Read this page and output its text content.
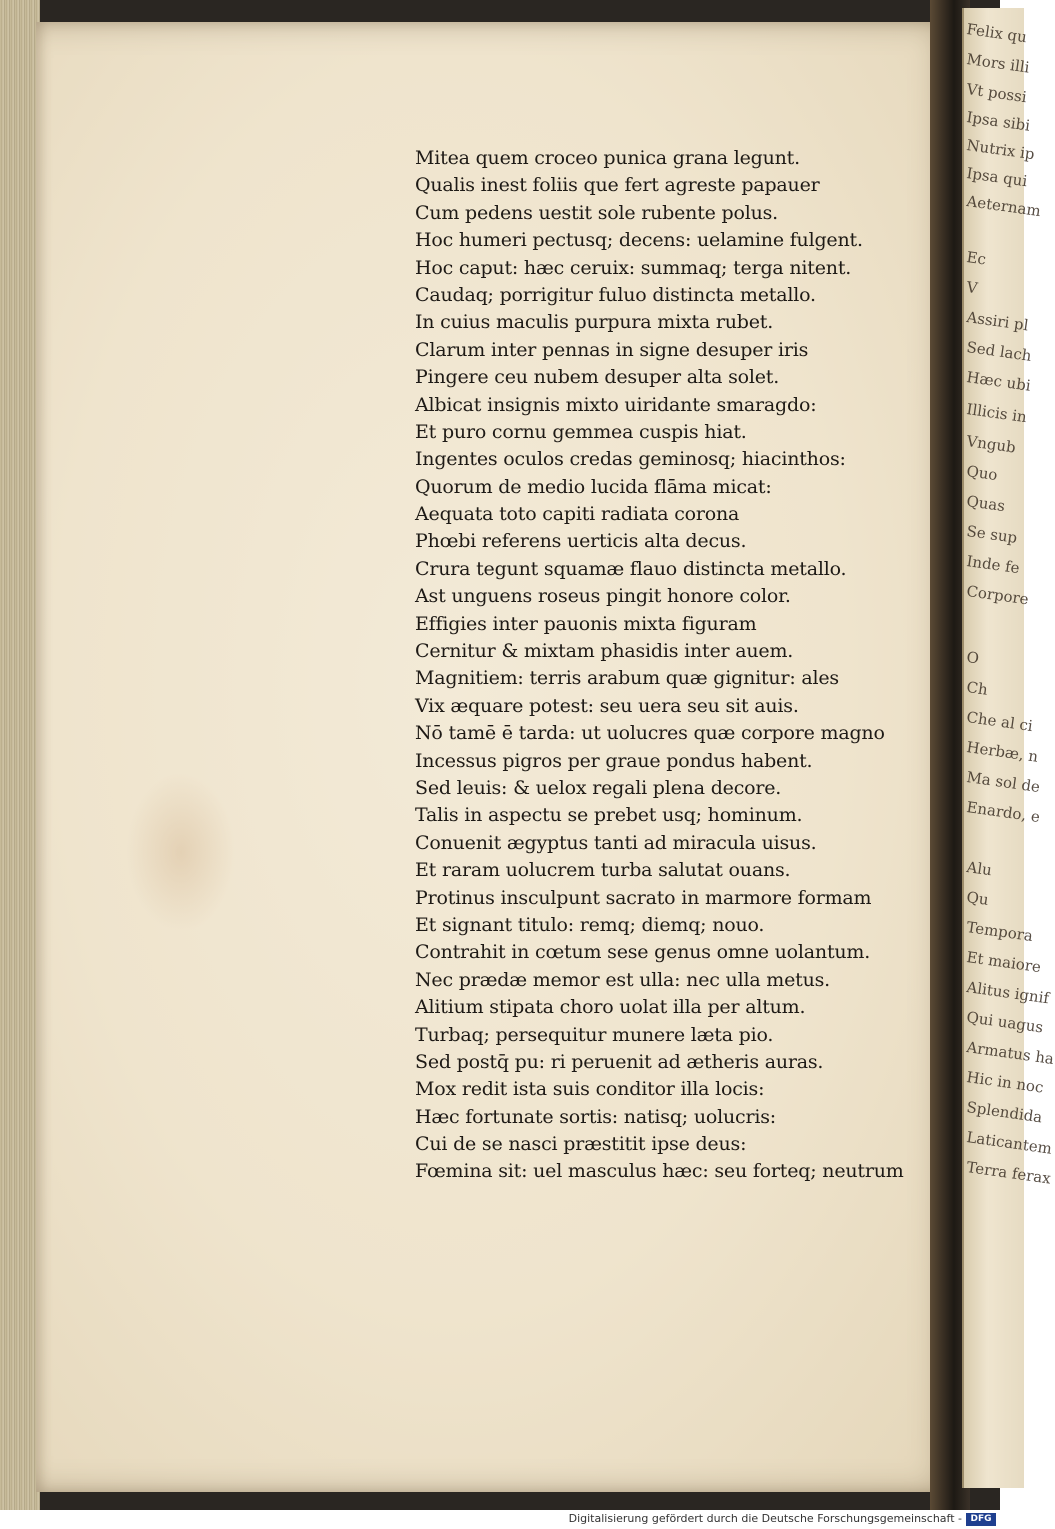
Felix qu
Mors illi
Vt possi
Ipsa sibi
Nutrix ip
Ipsa qui
Aeternam
Ec
V
Assiri pl
Sed lach
Hæc ubi
Illicis in
Vngub
Quo
Quas
Se sup
Inde fe
Corpore
O
Ch
Che al ci
Herbæ, n
Ma sol de
Enardo, e
Alu
Qu
Tempora
Et maiore
Alitus ignif
Qui uagus
Armatus ha
Hic in noc
Splendida
Laticantem
Terra ferax
Mitea quem croceo punica grana legunt.
Qualis inest foliis que fert agreste papauer
Cum pedens uestit sole rubente polus.
Hoc humeri pectusq; decens: uelamine fulgent.
Hoc caput: hæc ceruix: summaq; terga nitent.
Caudaq; porrigitur fuluo distincta metallo.
In cuius maculis purpura mixta rubet.
Clarum inter pennas in signe desuper iris
Pingere ceu nubem desuper alta solet.
Albicat insignis mixto uiridante smaragdo:
Et puro cornu gemmea cuspis hiat.
Ingentes oculos credas geminosq; hiacinthos:
Quorum de medio lucida flāma micat:
Aequata toto capiti radiata corona
Phœbi referens uerticis alta decus.
Crura tegunt squamæ flauo distincta metallo.
Ast unguens roseus pingit honore color.
Effigies inter pauonis mixta figuram
Cernitur & mixtam phasidis inter auem.
Magnitiem: terris arabum quæ gignitur: ales
Vix æquare potest: seu uera seu sit auis.
Nō tamē ē tarda: ut uolucres quæ corpore magno
Incessus pigros per graue pondus habent.
Sed leuis: & uelox regali plena decore.
Talis in aspectu se prebet usq; hominum.
Conuenit ægyptus tanti ad miracula uisus.
Et raram uolucrem turba salutat ouans.
Protinus insculpunt sacrato in marmore formam
Et signant titulo: remq; diemq; nouo.
Contrahit in cœtum sese genus omne uolantum.
Nec prædæ memor est ulla: nec ulla metus.
Alitium stipata choro uolat illa per altum.
Turbaq; persequitur munere læta pio.
Sed postq̄ pu: ri peruenit ad ætheris auras.
Mox redit ista suis conditor illa locis:
Hæc fortunate sortis: natisq; uolucris:
Cui de se nasci præstitit ipse deus:
Fœmina sit: uel masculus hæc: seu forteq; neutrum
Digitalisierung gefördert durch die Deutsche Forschungsgemeinschaft - DFG
